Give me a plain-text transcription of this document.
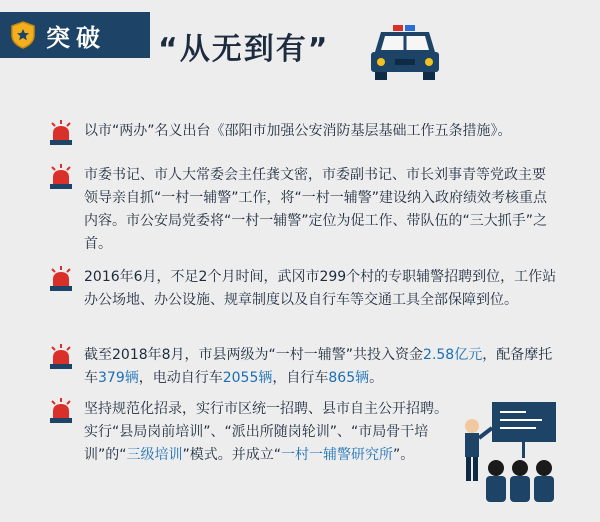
突破 “从无到有”
以市“两办”名义出台《邵阳市加强公安消防基层基础工作五条措施》。
市委书记、市人大常委会主任龚文密，市委副书记、市长刘事青等党政主要领导亲自抓“一村一辅警”工作，将“一村一辅警”建设纳入政府绩效考核重点内容。市公安局党委将“一村一辅警”定位为促工作、带队伍的“三大抓手”之首。
2016年6月，不足2个月时间，武冈市299个村的专职辅警招聘到位，工作站办公场地、办公设施、规章制度以及自行车等交通工具全部保障到位。
截至2018年8月，市县两级为“一村一辅警”共投入资金2.58亿元，配备摩托车379辆，电动自行车2055辆，自行车865辆。
坚持规范化招录，实行市区统一招聘、县市自主公开招聘。实行“县局岗前培训”、“派出所随岗轮训”、“市局骨干培训”的“三级培训”模式。并成立“一村一辅警研究所”。
